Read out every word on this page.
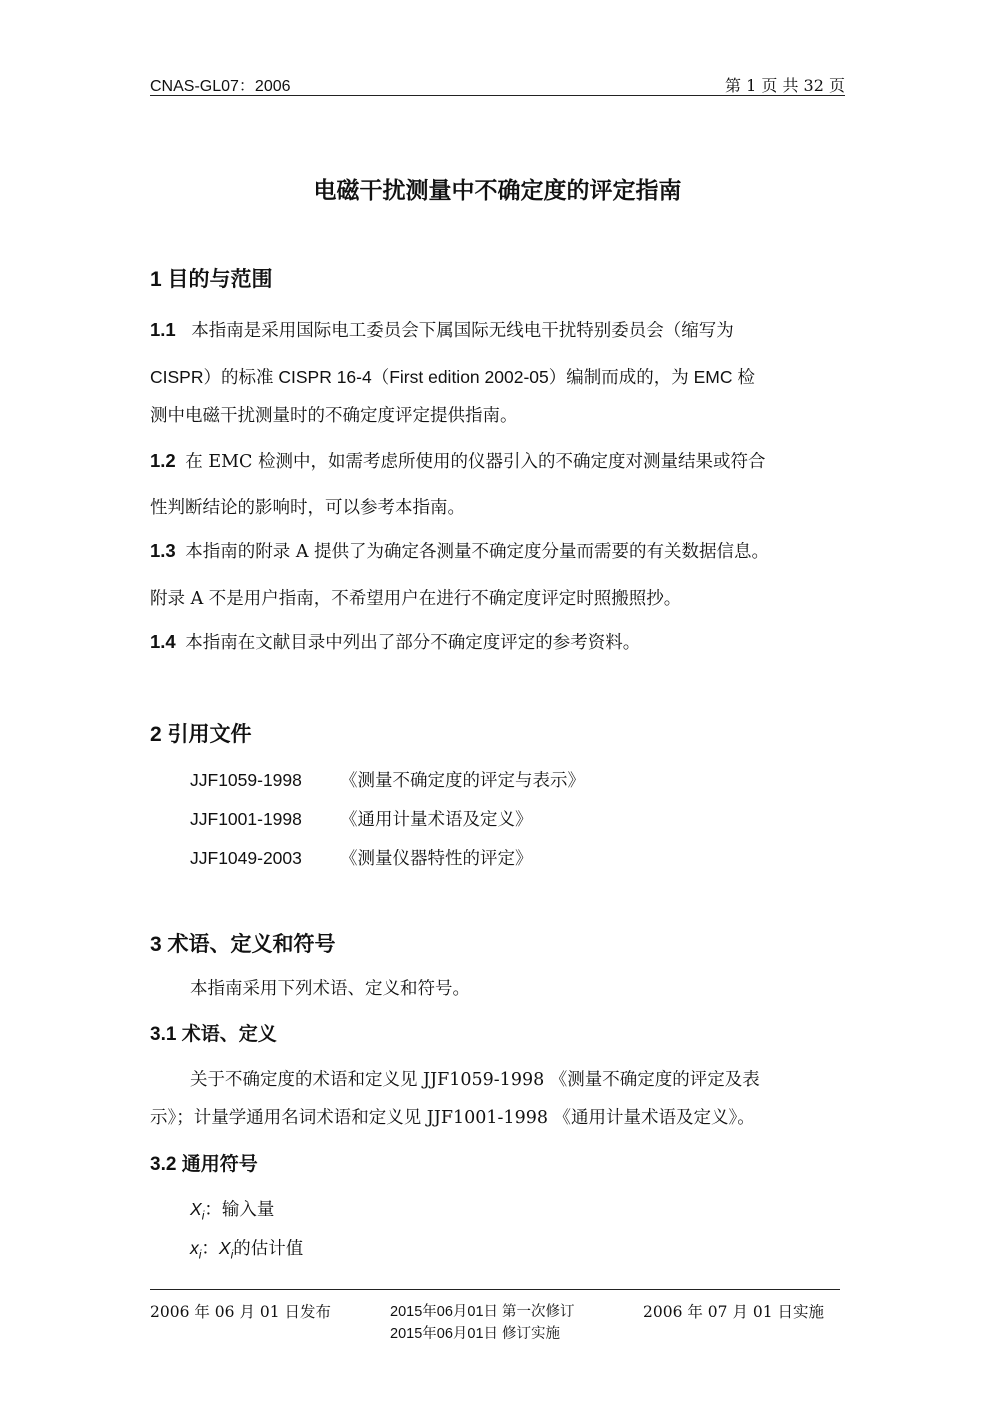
CNAS-GL07：2006	第 1 页 共 32 页
电磁干扰测量中不确定度的评定指南
1 目的与范围
1.1 本指南是采用国际电工委员会下属国际无线电干扰特别委员会（缩写为
CISPR）的标准 CISPR 16-4（First edition 2002-05）编制而成的，为 EMC 检
测中电磁干扰测量时的不确定度评定提供指南。
1.2 在 EMC 检测中，如需考虑所使用的仪器引入的不确定度对测量结果或符合
性判断结论的影响时，可以参考本指南。
1.3 本指南的附录 A 提供了为确定各测量不确定度分量而需要的有关数据信息。
附录 A 不是用户指南，不希望用户在进行不确定度评定时照搬照抄。
1.4 本指南在文献目录中列出了部分不确定度评定的参考资料。
2 引用文件
JJF1059-1998 《测量不确定度的评定与表示》
JJF1001-1998 《通用计量术语及定义》
JJF1049-2003 《测量仪器特性的评定》
3 术语、定义和符号
本指南采用下列术语、定义和符号。
3.1 术语、定义
关于不确定度的术语和定义见 JJF1059-1998 《测量不确定度的评定及表
示》；计量学通用名词术语和定义见 JJF1001-1998 《通用计量术语及定义》。
3.2 通用符号
$X_i$：输入量
$x_i$：$X_i$的估计值
2006 年 06 月 01 日发布	2015年06月01日 第一次修订
2015年06月01日 修订实施
2006 年 07 月 01 日实施
